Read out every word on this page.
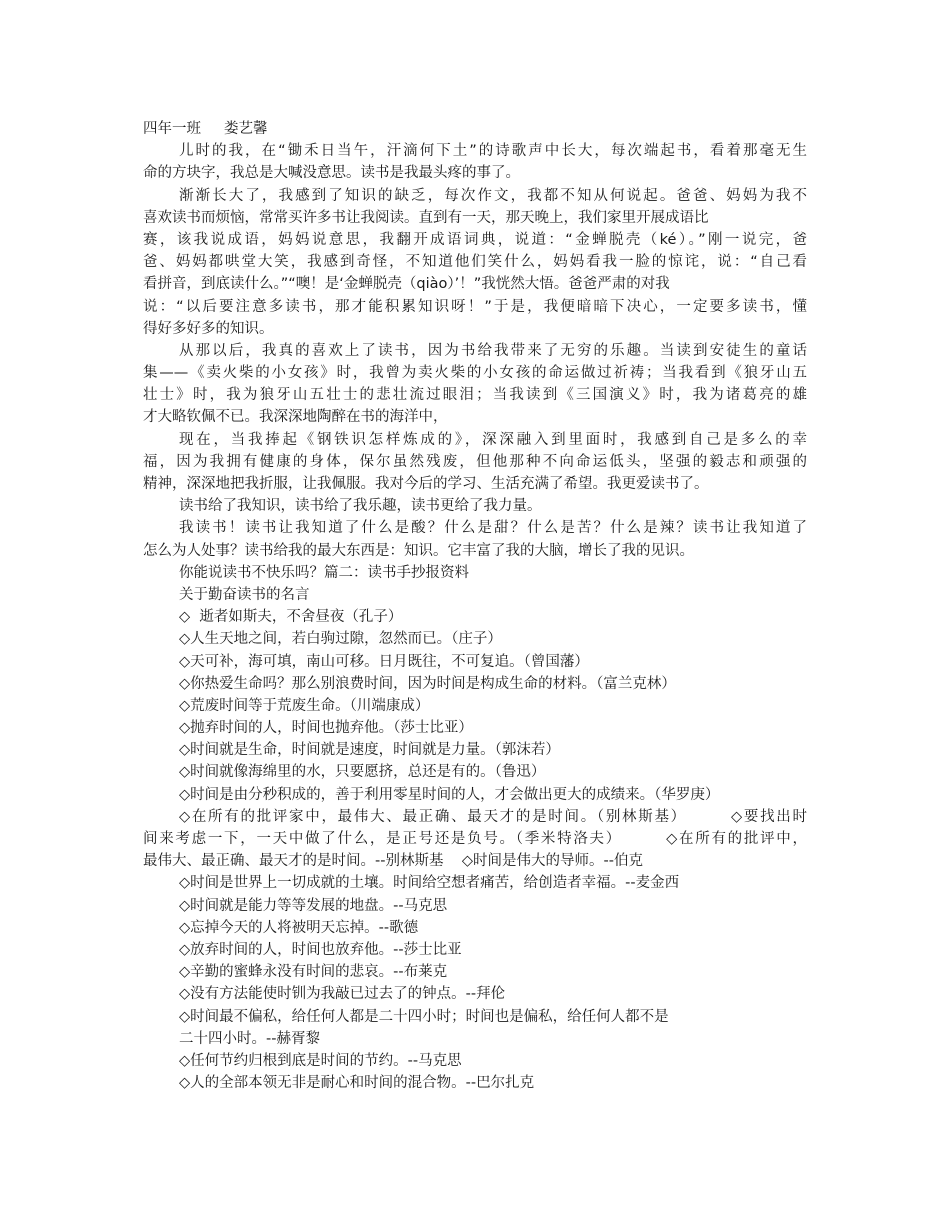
四年一班     娄艺馨
儿时的我，在“锄禾日当午，汗滴何下土”的诗歌声中长大，每次端起书，看着那毫无生
命的方块字，我总是大喊没意思。读书是我最头疼的事了。
渐渐长大了，我感到了知识的缺乏，每次作文，我都不知从何说起。爸爸、妈妈为我不
喜欢读书而烦恼，常常买许多书让我阅读。直到有一天，那天晚上，我们家里开展成语比
赛，该我说成语，妈妈说意思，我翻开成语词典，说道：“金蝉脱壳（ké）。”刚一说完，爸
爸、妈妈都哄堂大笑，我感到奇怪，不知道他们笑什么，妈妈看我一脸的惊诧，说：“自己看
看拼音，到底读什么。”“噢！是‘金蝉脱壳（qiào）’！”我恍然大悟。爸爸严肃的对我
说：“以后要注意多读书，那才能积累知识呀！”于是，我便暗暗下决心，一定要多读书，懂
得好多好多的知识。
从那以后，我真的喜欢上了读书，因为书给我带来了无穷的乐趣。当读到安徒生的童话
集——《卖火柴的小女孩》时，我曾为卖火柴的小女孩的命运做过祈祷；当我看到《狼牙山五
壮士》时，我为狼牙山五壮士的悲壮流过眼泪；当我读到《三国演义》时，我为诸葛亮的雄
才大略钦佩不已。我深深地陶醉在书的海洋中，
现在，当我捧起《钢铁识怎样炼成的》，深深融入到里面时，我感到自己是多么的幸
福，因为我拥有健康的身体，保尔虽然残废，但他那种不向命运低头，坚强的毅志和顽强的
精神，深深地把我折服，让我佩服。我对今后的学习、生活充满了希望。我更爱读书了。
读书给了我知识，读书给了我乐趣，读书更给了我力量。
我读书！读书让我知道了什么是酸？什么是甜？什么是苦？什么是辣？读书让我知道了
怎么为人处事？读书给我的最大东西是：知识。它丰富了我的大脑，增长了我的见识。
你能说读书不快乐吗？篇二：读书手抄报资料
关于勤奋读书的名言
◇  逝者如斯夫，不舍昼夜（孔子）
◇人生天地之间，若白驹过隙，忽然而已。（庄子）
◇天可补，海可填，南山可移。日月既往，不可复追。（曾国藩）
◇你热爱生命吗？那么别浪费时间，因为时间是构成生命的材料。（富兰克林）
◇荒废时间等于荒废生命。（川端康成）
◇抛弃时间的人，时间也抛弃他。（莎士比亚）
◇时间就是生命，时间就是速度，时间就是力量。（郭沫若）
◇时间就像海绵里的水，只要愿挤，总还是有的。（鲁迅）
◇时间是由分秒积成的，善于利用零星时间的人，才会做出更大的成绩来。（华罗庚）
◇在所有的批评家中，最伟大、最正确、最天才的是时间。（别林斯基）       ◇要找出时
间来考虑一下，一天中做了什么，是正号还是负号。（季米特洛夫）       ◇在所有的批评中，
最伟大、最正确、最天才的是时间。--别林斯基    ◇时间是伟大的导师。--伯克
◇时间是世界上一切成就的土壤。时间给空想者痛苦，给创造者幸福。--麦金西
◇时间就是能力等等发展的地盘。--马克思
◇忘掉今天的人将被明天忘掉。--歌德
◇放弃时间的人，时间也放弃他。--莎士比亚
◇辛勤的蜜蜂永没有时间的悲哀。--布莱克
◇没有方法能使时钏为我敲已过去了的钟点。--拜伦
◇时间最不偏私，给任何人都是二十四小时；时间也是偏私，给任何人都不是
二十四小时。--赫胥黎
◇任何节约归根到底是时间的节约。--马克思
◇人的全部本领无非是耐心和时间的混合物。--巴尔扎克
